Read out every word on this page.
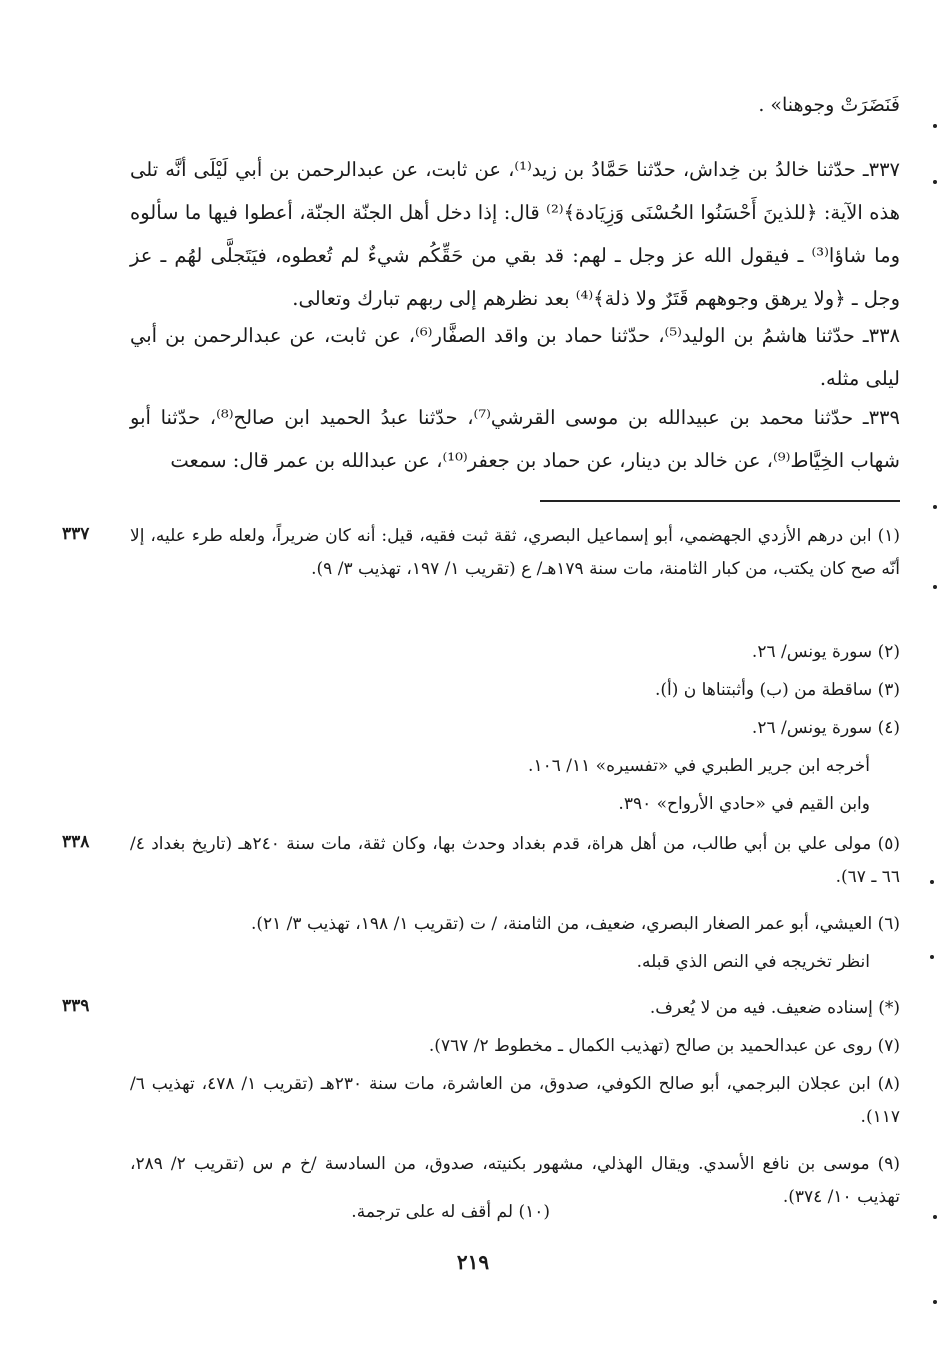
فَنَضَرَتْ وجوهنا» .
٣٣٧ـ حدّثنا خالدُ بن خِداش، حدّثنا حَمَّادُ بن زيد⁽¹⁾، عن ثابت، عن عبدالرحمن بن أبي لَيْلَى أنَّه تلى هذه الآية: ﴿للذينَ أَحْسَنُوا الحُسْنَى وَزِيَادة﴾⁽²⁾ قال: إذا دخل أهل الجنّة الجنّة، أعطوا فيها ما سألوه وما شاؤا⁽³⁾ ـ فيقول الله عز وجل ـ لهم: قد بقي من حَقِّكُم شيءٌ لم تُعطوه، فيَتَجلَّى لهُم ـ عز وجل ـ ﴿ولا يرهق وجوههم قَتَرٌ ولا ذلة﴾⁽⁴⁾ بعد نظرهم إلى ربهم تبارك وتعالى.
٣٣٨ـ حدّثنا هاشمُ بن الوليد⁽⁵⁾، حدّثنا حماد بن واقد الصفَّار⁽⁶⁾، عن ثابت، عن عبدالرحمن بن أبي ليلى مثله.
٣٣٩ـ حدّثنا محمد بن عبيدالله بن موسى القرشي⁽⁷⁾، حدّثنا عبدُ الحميد ابن صالح⁽⁸⁾، حدّثنا أبو شهاب الخِيَّاط⁽⁹⁾، عن خالد بن دينار، عن حماد بن جعفر⁽¹⁰⁾، عن عبدالله بن عمر قال: سمعت
(١) ابن درهم الأزدي الجهضمي، أبو إسماعيل البصري، ثقة ثبت فقيه، قيل: أنه كان ضريراً، ولعله طرء عليه، إلا أنّه صح كان يكتب، من كبار الثامنة، مات سنة ١٧٩هـ/ ع (تقريب ١/ ١٩٧، تهذيب ٣/ ٩).
(٢) سورة يونس/ ٢٦.
(٣) ساقطة من (ب) وأثبتناها ن (أ).
(٤) سورة يونس/ ٢٦.
أخرجه ابن جرير الطبري في «تفسيره» ١١/ ١٠٦.
وابن القيم في «حادي الأرواح» ٣٩٠.
(٥) مولى علي بن أبي طالب، من أهل هراة، قدم بغداد وحدث بها، وكان ثقة، مات سنة ٢٤٠هـ (تاريخ بغداد ٤/ ٦٦ ـ ٦٧).
(٦) العيشي، أبو عمر الصغار البصري، ضعيف، من الثامنة، / ت (تقريب ١/ ١٩٨، تهذيب ٣/ ٢١).
انظر تخريجه في النص الذي قبله.
(*) إسناده ضعيف. فيه من لا يُعرف.
(٧) روى عن عبدالحميد بن صالح (تهذيب الكمال ـ مخطوط ٢/ ٧٦٧).
(٨) ابن عجلان البرجمي، أبو صالح الكوفي، صدوق، من العاشرة، مات سنة ٢٣٠هـ (تقريب ١/ ٤٧٨، تهذيب ٦/ ١١٧).
(٩) موسى بن نافع الأسدي. ويقال الهذلي، مشهور بكنيته، صدوق، من السادسة /خ م س (تقريب ٢/ ٢٨٩، تهذيب ١٠/ ٣٧٤).
(١٠) لم أقف له على ترجمة.
٣٣٧
٣٣٨
٣٣٩
٢١٩
